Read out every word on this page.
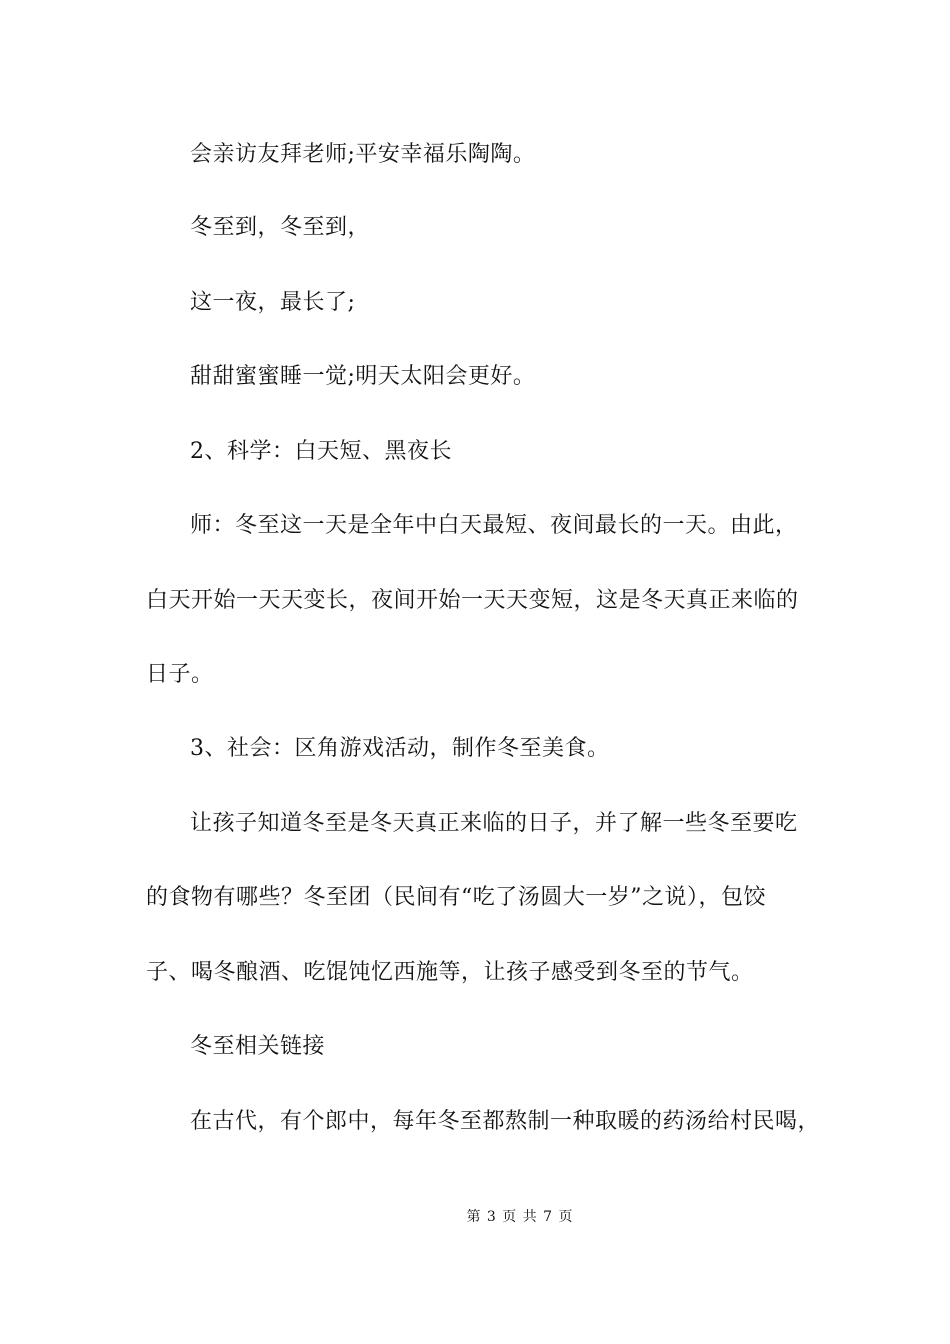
会亲访友拜老师;平安幸福乐陶陶。
冬至到，冬至到，
这一夜，最长了;
甜甜蜜蜜睡一觉;明天太阳会更好。
2、科学：白天短、黑夜长
师：冬至这一天是全年中白天最短、夜间最长的一天。由此，
白天开始一天天变长，夜间开始一天天变短，这是冬天真正来临的
日子。
3、社会：区角游戏活动，制作冬至美食。
让孩子知道冬至是冬天真正来临的日子，并了解一些冬至要吃
的食物有哪些？冬至团（民间有“吃了汤圆大一岁”之说），包饺
子、喝冬酿酒、吃馄饨忆西施等，让孩子感受到冬至的节气。
冬至相关链接
在古代，有个郎中，每年冬至都熬制一种取暖的药汤给村民喝，
第 3 页 共 7 页
